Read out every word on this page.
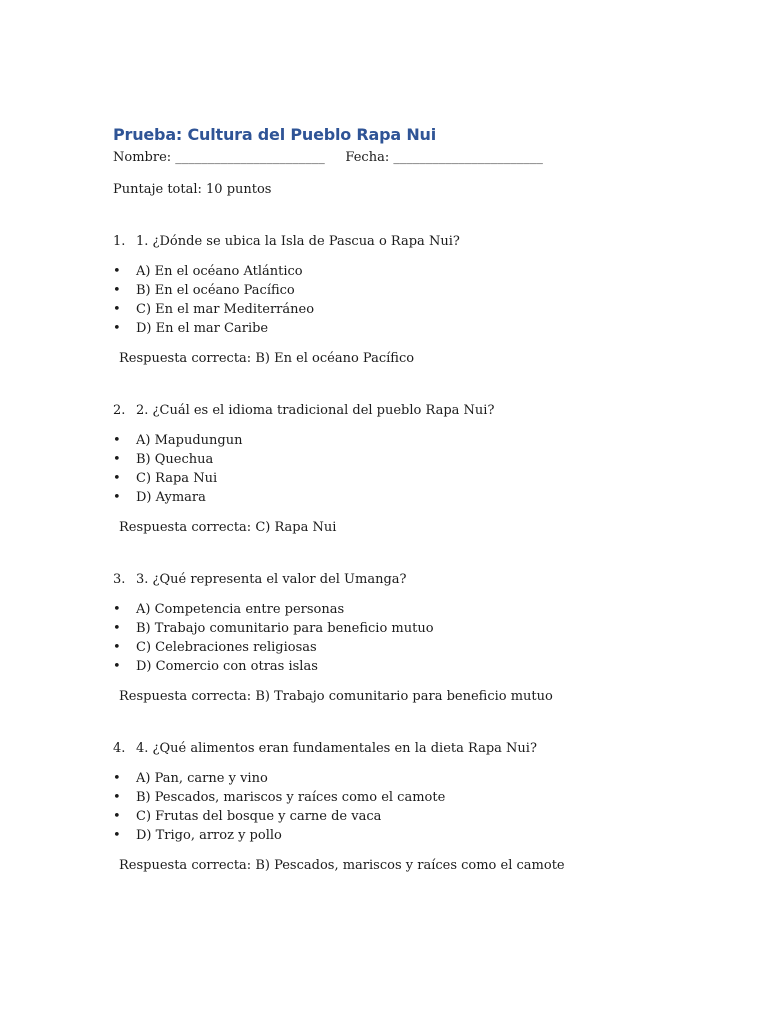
Prueba: Cultura del Pueblo Rapa Nui
Nombre: _______________________     Fecha: _______________________
Puntaje total: 10 puntos
1. 1. ¿Dónde se ubica la Isla de Pascua o Rapa Nui?
•	A) En el océano Atlántico
•	B) En el océano Pacífico
•	C) En el mar Mediterráneo
•	D) En el mar Caribe
Respuesta correcta: B) En el océano Pacífico
2. 2. ¿Cuál es el idioma tradicional del pueblo Rapa Nui?
•	A) Mapudungun
•	B) Quechua
•	C) Rapa Nui
•	D) Aymara
Respuesta correcta: C) Rapa Nui
3. 3. ¿Qué representa el valor del Umanga?
•	A) Competencia entre personas
•	B) Trabajo comunitario para beneficio mutuo
•	C) Celebraciones religiosas
•	D) Comercio con otras islas
Respuesta correcta: B) Trabajo comunitario para beneficio mutuo
4. 4. ¿Qué alimentos eran fundamentales en la dieta Rapa Nui?
•	A) Pan, carne y vino
•	B) Pescados, mariscos y raíces como el camote
•	C) Frutas del bosque y carne de vaca
•	D) Trigo, arroz y pollo
Respuesta correcta: B) Pescados, mariscos y raíces como el camote
